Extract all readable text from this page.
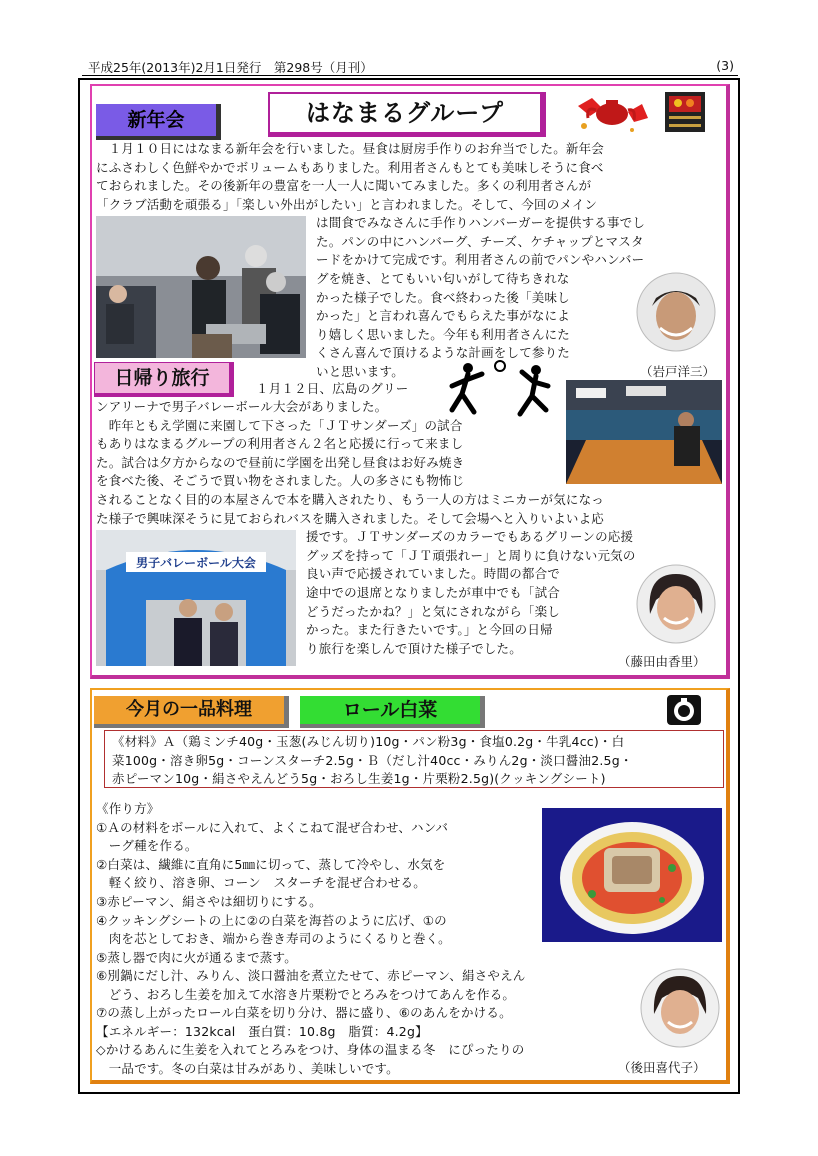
平成25年(2013年)2月1日発行　第298号（月刊）	(3)
新年会	はなまるグループ
　１月１０日にはなまる新年会を行いました。昼食は厨房手作りのお弁当でした。新年会
にふさわしく色鮮やかでボリュームもありました。利用者さんもとても美味しそうに食べ
ておられました。その後新年の豊富を一人一人に聞いてみました。多くの利用者さんが
「クラブ活動を頑張る」「楽しい外出がしたい」と言われました。そして、今回のメイン
は間食でみなさんに手作りハンバーガーを提供する事でし
た。パンの中にハンバーグ、チーズ、ケチャップとマスタ
ードをかけて完成です。利用者さんの前でパンやハンバー
グを焼き、とてもいい匂いがして待ちきれな
かった様子でした。食べ終わった後「美味し
かった」と言われ喜んでもらえた事がなによ
り嬉しく思いました。今年も利用者さんにた
くさん喜んで頂けるような計画をして参りた
いと思います。	（岩戸洋三）
日帰り旅行	１月１２日、広島のグリー
ンアリーナで男子バレーボール大会がありました。
　昨年ともえ学園に来園して下さった「ＪＴサンダーズ」の試合
もありはなまるグループの利用者さん２名と応援に行って来まし
た。試合は夕方からなので昼前に学園を出発し昼食はお好み焼き
を食べた後、そごうで買い物をされました。人の多さにも物怖じ
されることなく目的の本屋さんで本を購入されたり、もう一人の方はミニカーが気になっ
た様子で興味深そうに見ておられバスを購入されました。そして会場へと入りいよいよ応
男子バレーボール大会
援です。ＪＴサンダーズのカラーでもあるグリーンの応援
グッズを持って「ＪＴ頑張れー」と周りに負けない元気の
良い声で応援されていました。時間の都合で
途中での退席となりましたが車中でも「試合
どうだったかね？」と気にされながら「楽し
かった。また行きたいです。」と今回の日帰
り旅行を楽しんで頂けた様子でした。
（藤田由香里）
今月の一品料理	ロール白菜
《材料》Ａ（鶏ミンチ40g・玉葱(みじん切り)10g・パン粉3g・食塩0.2g・牛乳4cc)・白
菜100g・溶き卵5g・コーンスターチ2.5g・Ｂ（だし汁40cc・みりん2g・淡口醤油2.5g・
赤ピーマン10g・絹さやえんどう5g・おろし生姜1g・片栗粉2.5g)(クッキングシート)
《作り方》
①Ａの材料をボールに入れて、よくこねて混ぜ合わせ、ハンバ
　ーグ種を作る。
②白菜は、繊維に直角に5㎜に切って、蒸して冷やし、水気を
　軽く絞り、溶き卵、コーン　スターチを混ぜ合わせる。
③赤ピーマン、絹さやは細切りにする。
④クッキングシートの上に②の白菜を海苔のように広げ、①の
　肉を芯としておき、端から巻き寿司のようにくるりと巻く。
⑤蒸し器で肉に火が通るまで蒸す。
⑥別鍋にだし汁、みりん、淡口醤油を煮立たせて、赤ピーマン、絹さやえん
　どう、おろし生姜を加えて水溶き片栗粉でとろみをつけてあんを作る。
⑦の蒸し上がったロール白菜を切り分け、器に盛り、⑥のあんをかける。
【エネルギー：132kcal　蛋白質：10.8g　脂質：4.2g】
◇かけるあんに生姜を入れてとろみをつけ、身体の温まる冬　にぴったりの
　一品です。冬の白菜は甘みがあり、美味しいです。	（後田喜代子）
